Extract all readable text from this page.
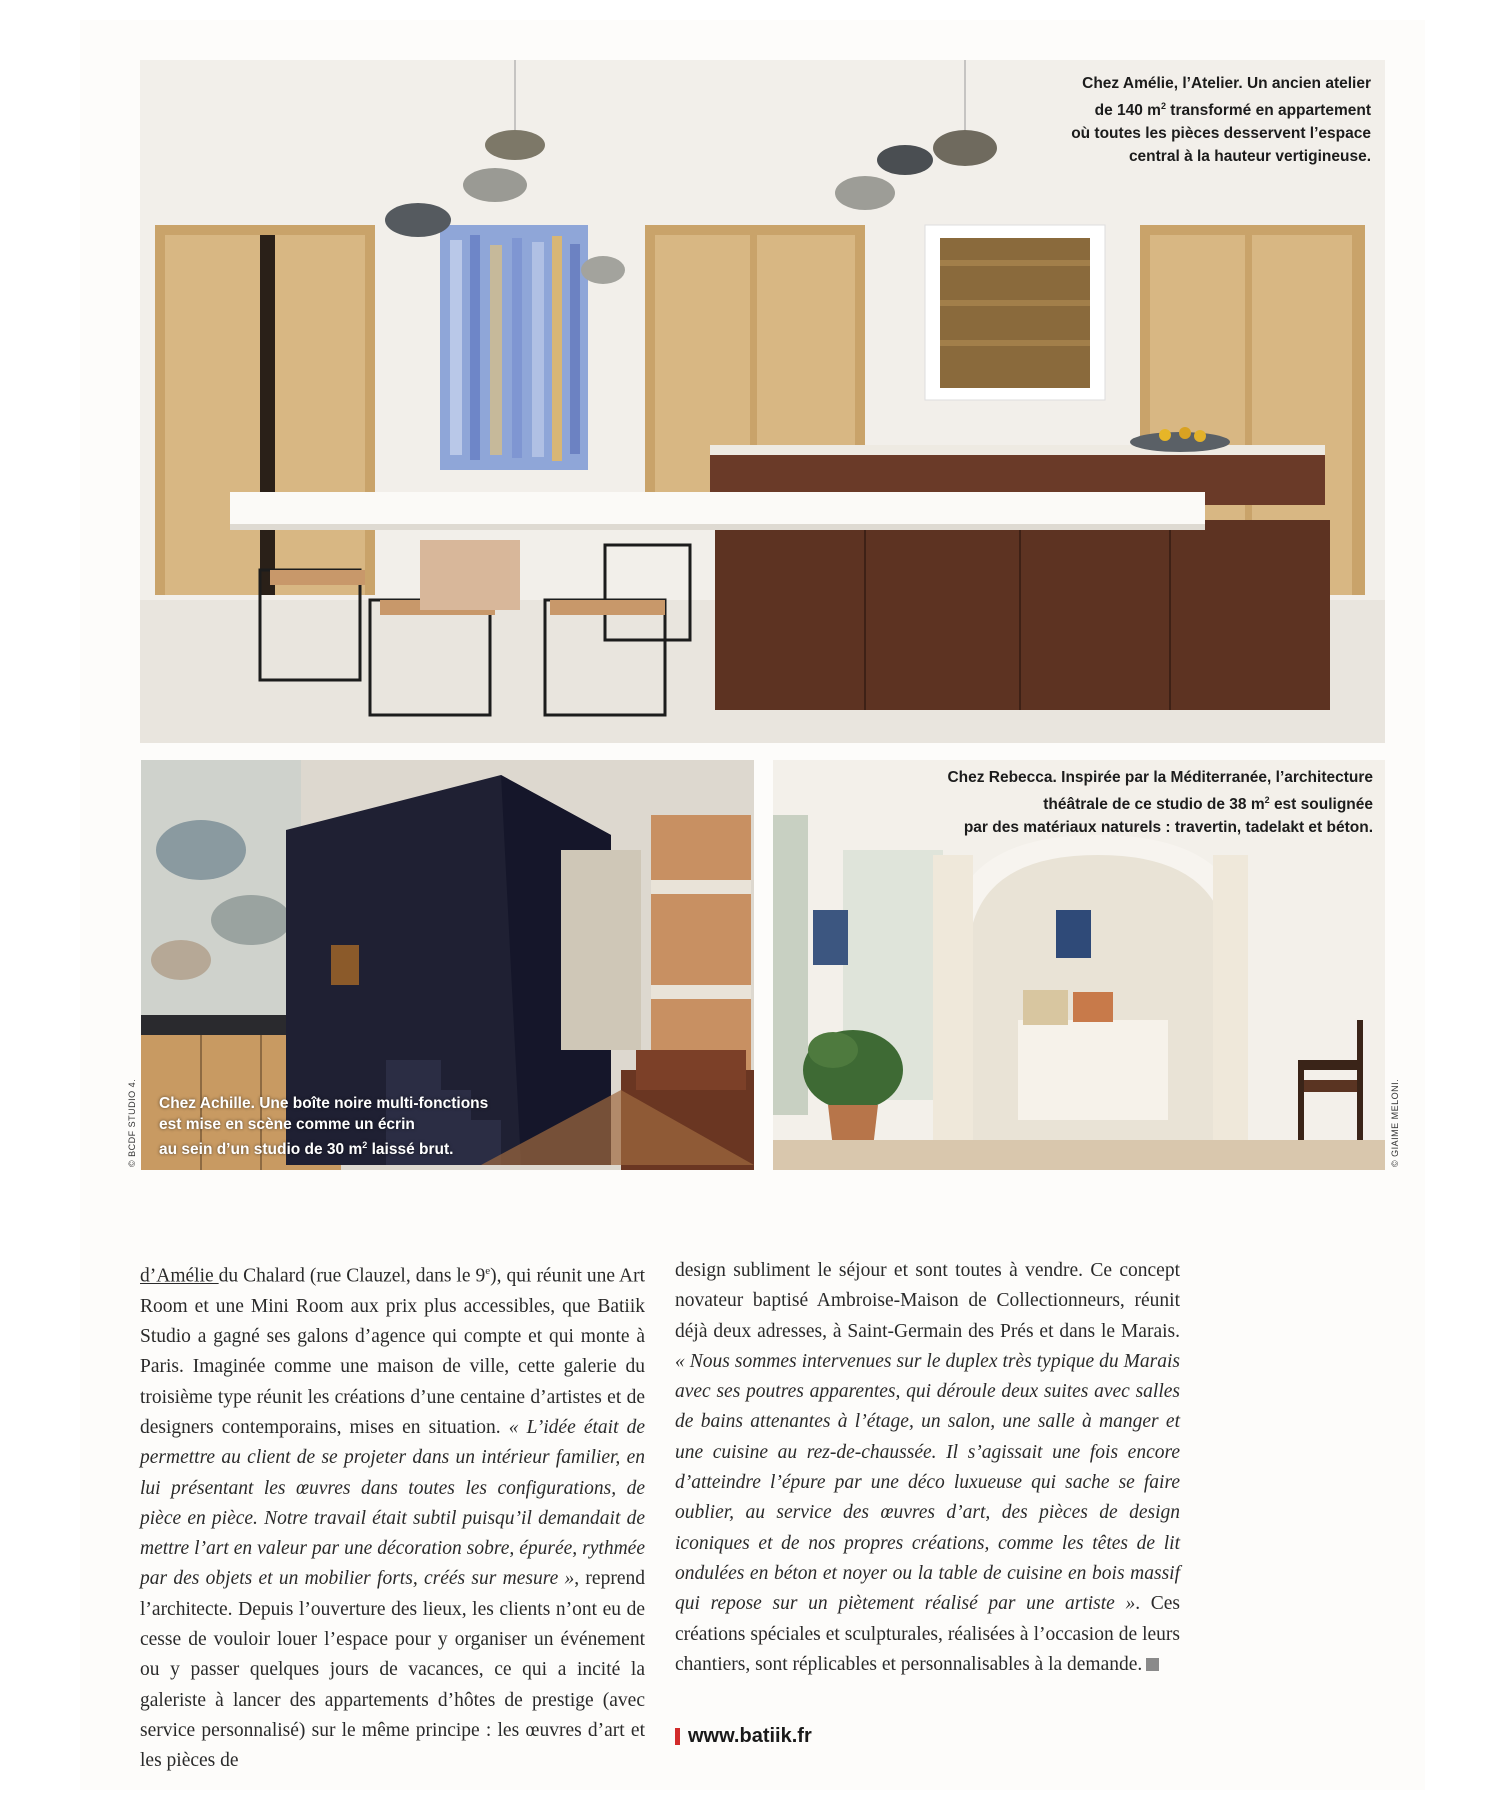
Chez Amélie, l’Atelier. Un ancien atelier
de 140 $m^2$ transformé en appartement
où toutes les pièces desservent l’espace
central à la hauteur vertigineuse.
Chez Achille. Une boîte noire multi-fonctions
est mise en scène comme un écrin
au sein d’un studio de 30 $m^2$ laissé brut.
© BCDF STUDIO 4.
Chez Rebecca. Inspirée par la Méditerranée, l’architecture
théâtrale de ce studio de 38 $m^2$ est soulignée
par des matériaux naturels : travertin, tadelakt et béton.
© GIAIME MELONI.

d’Amélie du Chalard (rue Clauzel, dans le 9e), qui réunit une Art Room et une Mini Room aux prix plus accessibles, que Batiik Studio a gagné ses galons d’agence qui compte et qui monte à Paris. Imaginée comme une maison de ville, cette galerie du troisième type réunit les créations d’une centaine d’artistes et de designers contemporains, mises en situation. « L’idée était de permettre au client de se projeter dans un intérieur familier, en lui présentant les œuvres dans toutes les configurations, de pièce en pièce. Notre travail était subtil puisqu’il demandait de mettre l’art en valeur par une décoration sobre, épurée, rythmée par des objets et un mobilier forts, créés sur mesure », reprend l’architecte. Depuis l’ouverture des lieux, les clients n’ont eu de cesse de vouloir louer l’espace pour y organiser un événement ou y passer quelques jours de vacances, ce qui a incité la galeriste à lancer des appartements d’hôtes de prestige (avec service personnalisé) sur le même principe : les œuvres d’art et les pièces de

design subliment le séjour et sont toutes à vendre. Ce concept novateur baptisé Ambroise-Maison de Collectionneurs, réunit déjà deux adresses, à Saint-Germain des Prés et dans le Marais. « Nous sommes intervenues sur le duplex très typique du Marais avec ses poutres apparentes, qui déroule deux suites avec salles de bains attenantes à l’étage, un salon, une salle à manger et une cuisine au rez-de-chaussée. Il s’agissait une fois encore d’atteindre l’épure par une déco luxueuse qui sache se faire oublier, au service des œuvres d’art, des pièces de design iconiques et de nos propres créations, comme les têtes de lit ondulées en béton et noyer ou la table de cuisine en bois massif qui repose sur un piètement réalisé par une artiste ». Ces créations spéciales et sculpturales, réalisées à l’occasion de leurs chantiers, sont réplicables et personnalisables à la demande.

www.batiik.fr
